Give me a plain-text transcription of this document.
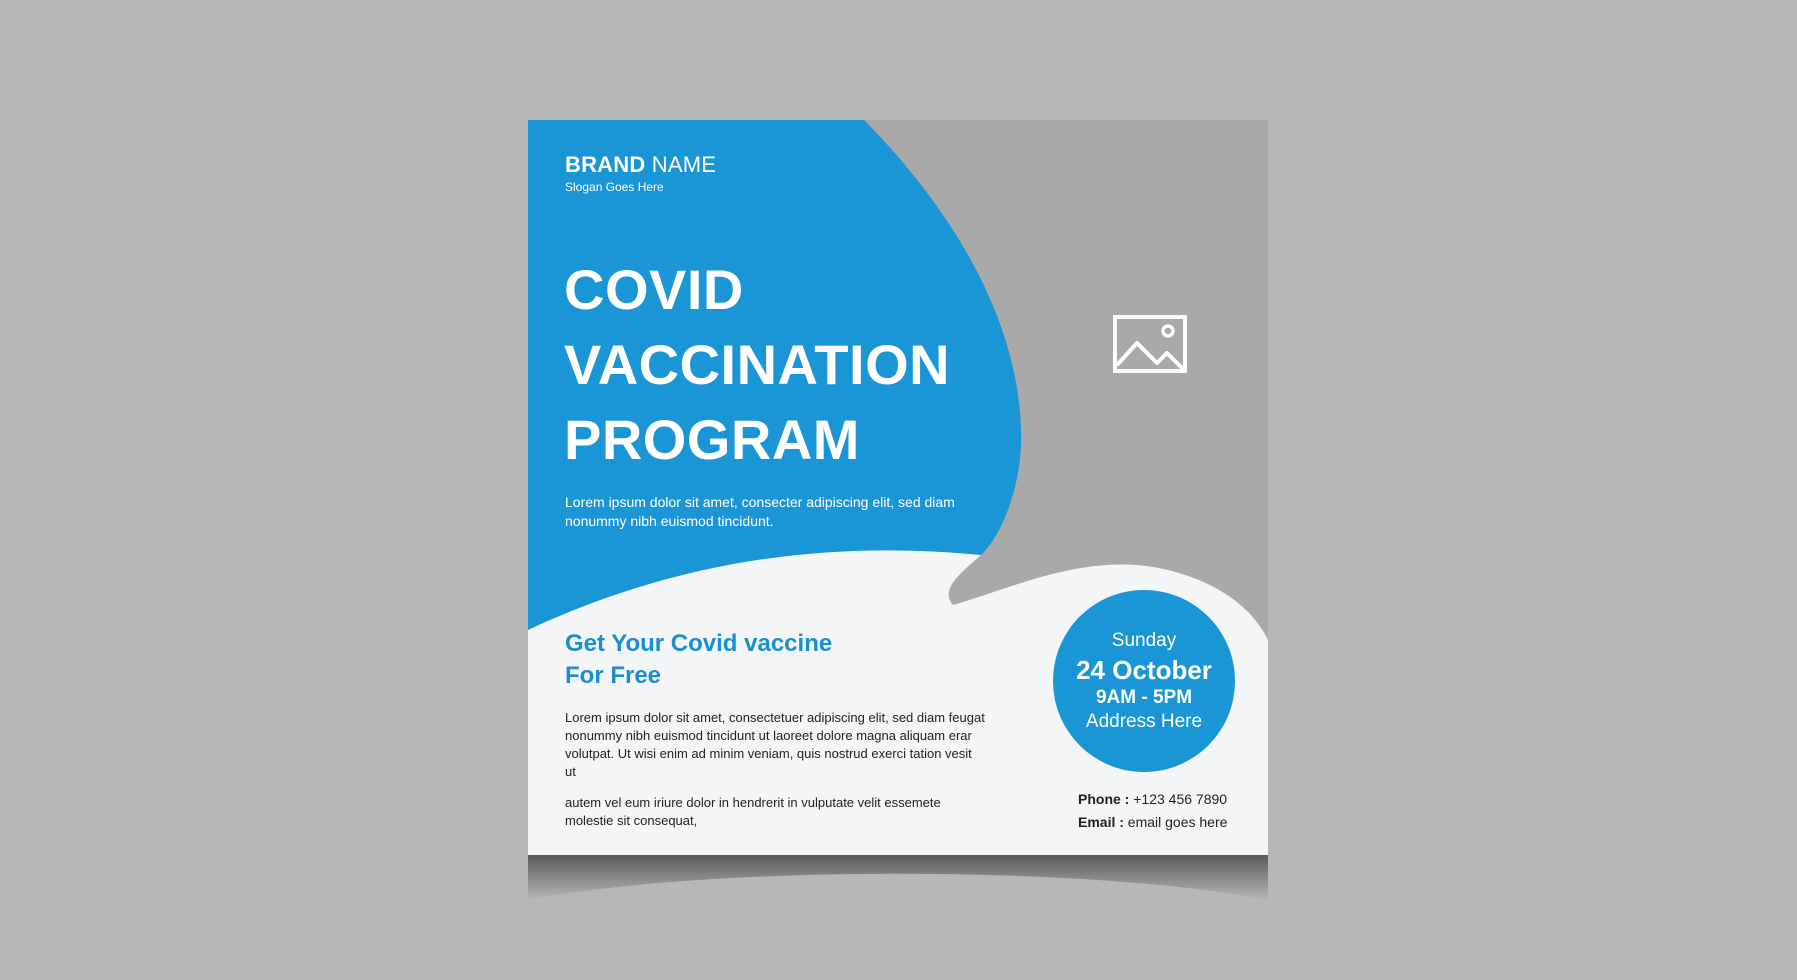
BRAND NAME

Slogan Goes Here

COVID
VACCINATION
PROGRAM

Lorem ipsum dolor sit amet, consecter adipiscing elit, sed diam nonummy nibh euismod tincidunt.

Get Your Covid vaccine
For Free

Lorem ipsum dolor sit amet, consectetuer adipiscing elit, sed diam feugat nonummy nibh euismod tincidunt ut laoreet dolore magna aliquam erar volutpat. Ut wisi enim ad minim veniam, quis nostrud exerci tation vesit ut

autem vel eum iriure dolor in hendrerit in vulputate velit essemete molestie sit consequat,

Sunday
24 October
9AM - 5PM
Address Here
Phone : +123 456 7890
Email : email goes here
